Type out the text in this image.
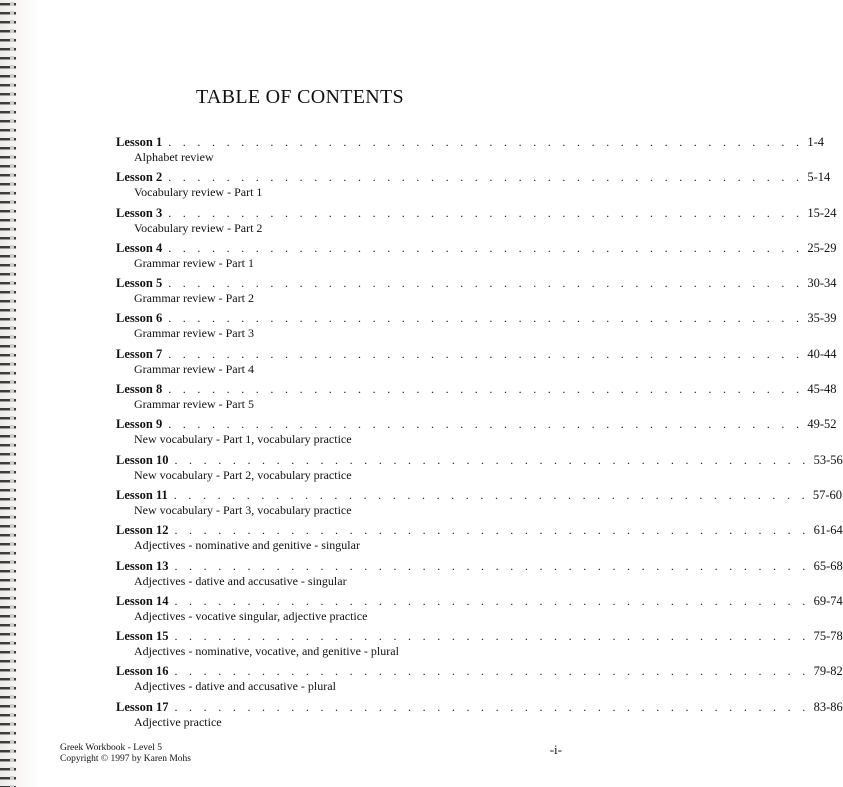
TABLE OF CONTENTS
Lesson 1 . . . . . . . . . . . . . . . . . . . . . . . . . . . . . . . . . . . . . . . . . . . . 1-4
Alphabet review
Lesson 2 . . . . . . . . . . . . . . . . . . . . . . . . . . . . . . . . . . . . . . . . . . . . 5-14
Vocabulary review - Part 1
Lesson 3 . . . . . . . . . . . . . . . . . . . . . . . . . . . . . . . . . . . . . . . . . . . . 15-24
Vocabulary review - Part 2
Lesson 4 . . . . . . . . . . . . . . . . . . . . . . . . . . . . . . . . . . . . . . . . . . . . 25-29
Grammar review - Part 1
Lesson 5 . . . . . . . . . . . . . . . . . . . . . . . . . . . . . . . . . . . . . . . . . . . . 30-34
Grammar review - Part 2
Lesson 6 . . . . . . . . . . . . . . . . . . . . . . . . . . . . . . . . . . . . . . . . . . . . 35-39
Grammar review - Part 3
Lesson 7 . . . . . . . . . . . . . . . . . . . . . . . . . . . . . . . . . . . . . . . . . . . . 40-44
Grammar review - Part 4
Lesson 8 . . . . . . . . . . . . . . . . . . . . . . . . . . . . . . . . . . . . . . . . . . . . 45-48
Grammar review - Part 5
Lesson 9 . . . . . . . . . . . . . . . . . . . . . . . . . . . . . . . . . . . . . . . . . . . . 49-52
New vocabulary - Part 1, vocabulary practice
Lesson 10 . . . . . . . . . . . . . . . . . . . . . . . . . . . . . . . . . . . . . . . . . . . . 53-56
New vocabulary - Part 2, vocabulary practice
Lesson 11 . . . . . . . . . . . . . . . . . . . . . . . . . . . . . . . . . . . . . . . . . . . . 57-60
New vocabulary - Part 3, vocabulary practice
Lesson 12 . . . . . . . . . . . . . . . . . . . . . . . . . . . . . . . . . . . . . . . . . . . . 61-64
Adjectives - nominative and genitive - singular
Lesson 13 . . . . . . . . . . . . . . . . . . . . . . . . . . . . . . . . . . . . . . . . . . . . 65-68
Adjectives - dative and accusative - singular
Lesson 14 . . . . . . . . . . . . . . . . . . . . . . . . . . . . . . . . . . . . . . . . . . . . 69-74
Adjectives - vocative singular, adjective practice
Lesson 15 . . . . . . . . . . . . . . . . . . . . . . . . . . . . . . . . . . . . . . . . . . . . 75-78
Adjectives - nominative, vocative, and genitive - plural
Lesson 16 . . . . . . . . . . . . . . . . . . . . . . . . . . . . . . . . . . . . . . . . . . . . 79-82
Adjectives - dative and accusative - plural
Lesson 17 . . . . . . . . . . . . . . . . . . . . . . . . . . . . . . . . . . . . . . . . . . . . 83-86
Adjective practice
Greek Workbook - Level 5
Copyright © 1997 by Karen Mohs
-i-
